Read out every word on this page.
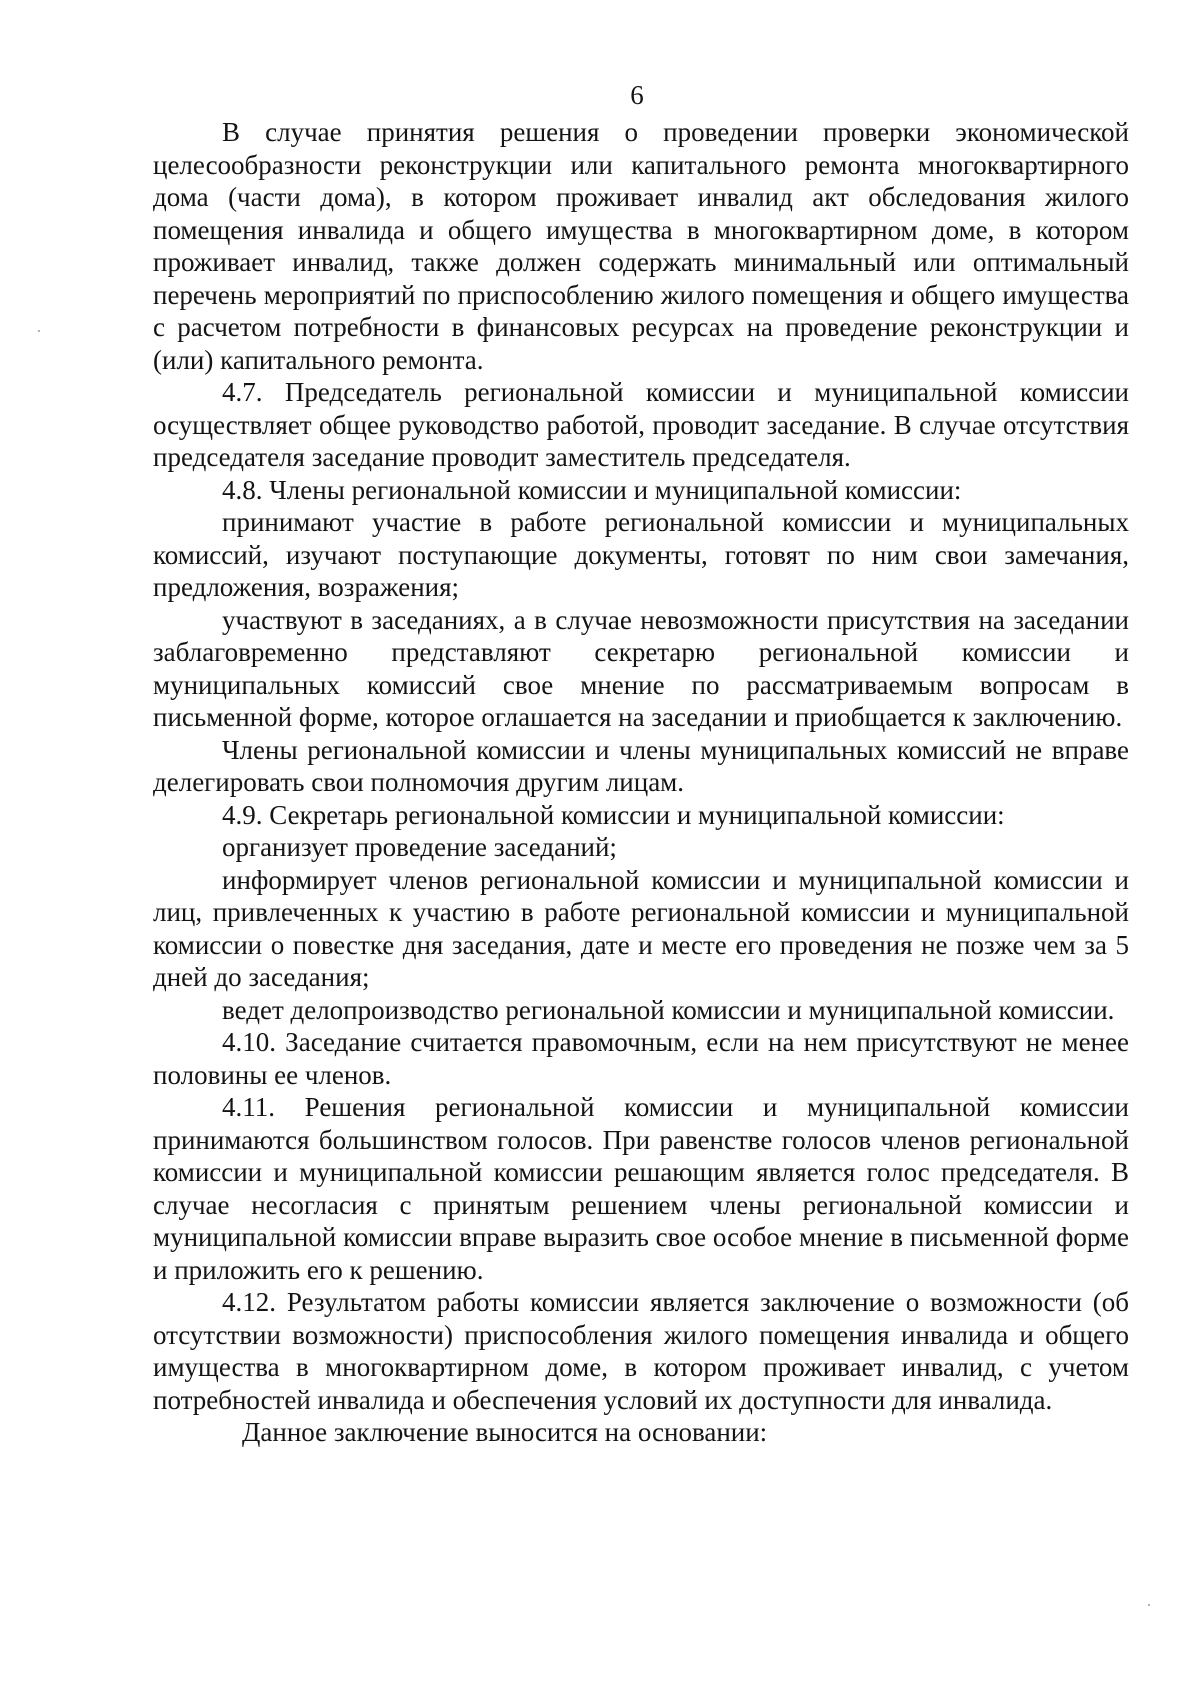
6

В случае принятия решения о проведении проверки экономической целесообразности реконструкции или капитального ремонта многоквартирного дома (части дома), в котором проживает инвалид акт обследования жилого помещения инвалида и общего имущества в многоквартирном доме, в котором проживает инвалид, также должен содержать минимальный или оптимальный перечень мероприятий по приспособлению жилого помещения и общего имущества с расчетом потребности в финансовых ресурсах на проведение реконструкции и (или) капитального ремонта.

4.7. Председатель региональной комиссии и муниципальной комиссии осуществляет общее руководство работой, проводит заседание. В случае отсутствия председателя заседание проводит заместитель председателя.

4.8. Члены региональной комиссии и муниципальной комиссии:

принимают участие в работе региональной комиссии и муниципальных комиссий, изучают поступающие документы, готовят по ним свои замечания, предложения, возражения;

участвуют в заседаниях, а в случае невозможности присутствия на заседании заблаговременно представляют секретарю региональной комиссии и муниципальных комиссий свое мнение по рассматриваемым вопросам в письменной форме, которое оглашается на заседании и приобщается к заключению.

Члены региональной комиссии и члены муниципальных комиссий не вправе делегировать свои полномочия другим лицам.

4.9. Секретарь региональной комиссии и муниципальной комиссии:

организует проведение заседаний;

информирует членов региональной комиссии и муниципальной комиссии и лиц, привлеченных к участию в работе региональной комиссии и муниципальной комиссии о повестке дня заседания, дате и месте его проведения не позже чем за 5 дней до заседания;

ведет делопроизводство региональной комиссии и муниципальной комиссии.

4.10. Заседание считается правомочным, если на нем присутствуют не менее половины ее членов.

4.11. Решения региональной комиссии и муниципальной комиссии принимаются большинством голосов. При равенстве голосов членов региональной комиссии и муниципальной комиссии решающим является голос председателя. В случае несогласия с принятым решением члены региональной комиссии и муниципальной комиссии вправе выразить свое особое мнение в письменной форме и приложить его к решению.

4.12. Результатом работы комиссии является заключение о возможности (об отсутствии возможности) приспособления жилого помещения инвалида и общего имущества в многоквартирном доме, в котором проживает инвалид, с учетом потребностей инвалида и обеспечения условий их доступности для инвалида.

Данное заключение выносится на основании:
